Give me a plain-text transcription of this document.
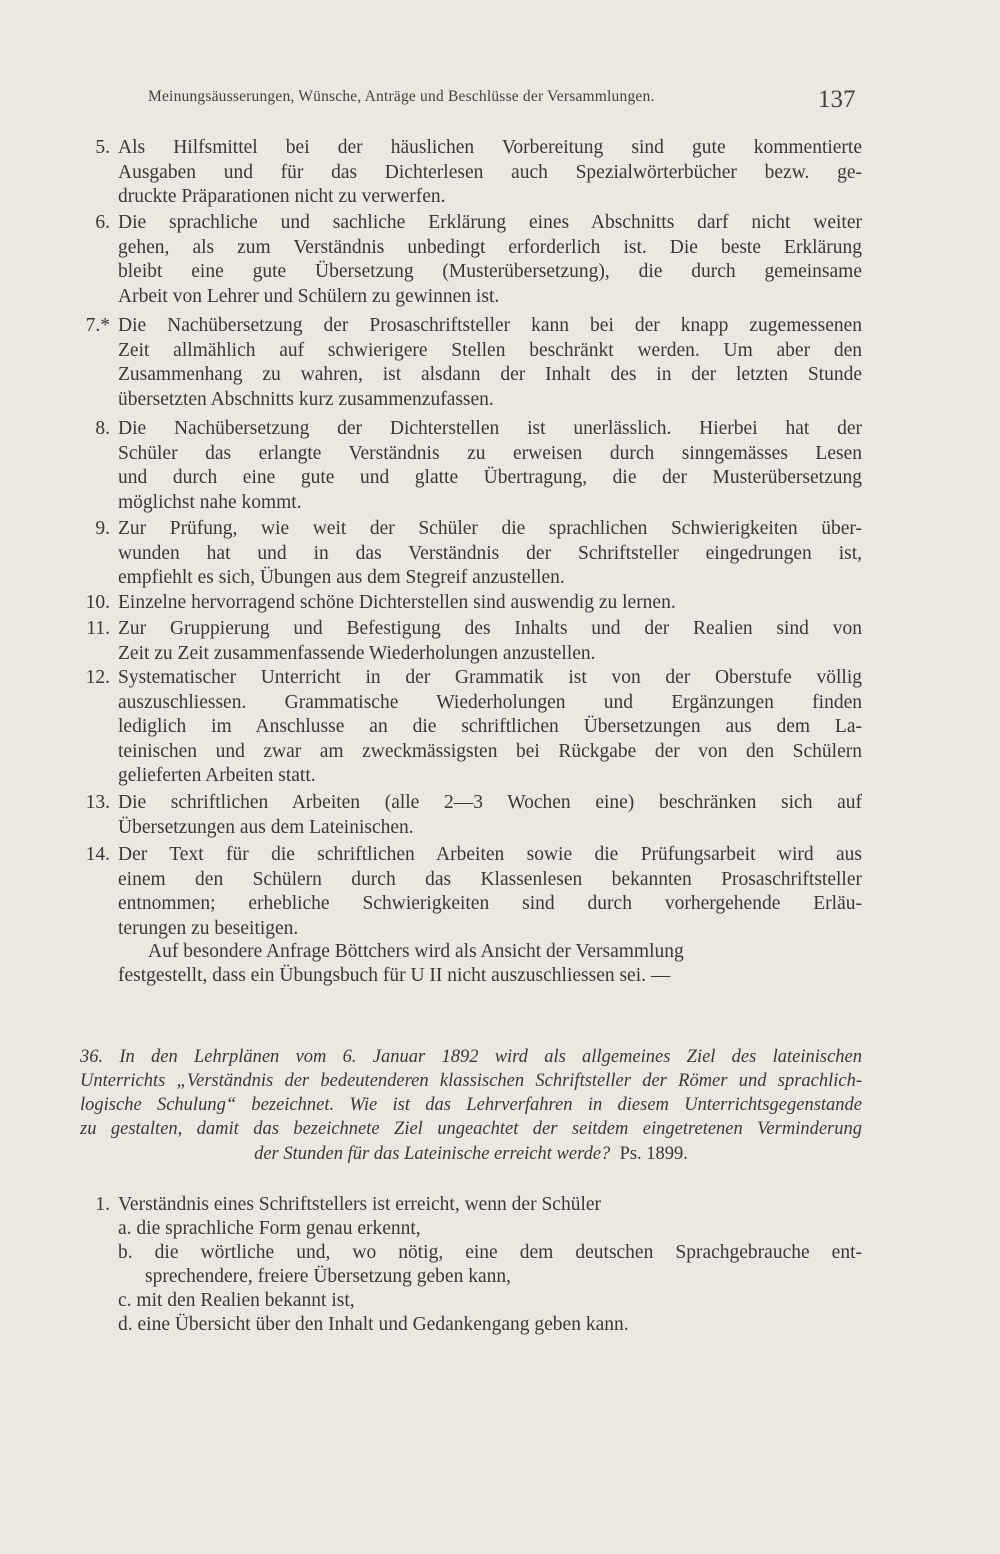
Meinungsäusserungen, Wünsche, Anträge und Beschlüsse der Versammlungen.	137
5. Als Hilfsmittel bei der häuslichen Vorbereitung sind gute kommentierte
Ausgaben und für das Dichterlesen auch Spezialwörterbücher bezw. ge-
druckte Präparationen nicht zu verwerfen.
6. Die sprachliche und sachliche Erklärung eines Abschnitts darf nicht weiter
gehen, als zum Verständnis unbedingt erforderlich ist. Die beste Erklärung
bleibt eine gute Übersetzung (Musterübersetzung), die durch gemeinsame
Arbeit von Lehrer und Schülern zu gewinnen ist.
7.* Die Nachübersetzung der Prosaschriftsteller kann bei der knapp zugemessenen
Zeit allmählich auf schwierigere Stellen beschränkt werden. Um aber den
Zusammenhang zu wahren, ist alsdann der Inhalt des in der letzten Stunde
übersetzten Abschnitts kurz zusammenzufassen.
8. Die Nachübersetzung der Dichterstellen ist unerlässlich. Hierbei hat der
Schüler das erlangte Verständnis zu erweisen durch sinngemässes Lesen
und durch eine gute und glatte Übertragung, die der Musterübersetzung
möglichst nahe kommt.
9. Zur Prüfung, wie weit der Schüler die sprachlichen Schwierigkeiten über-
wunden hat und in das Verständnis der Schriftsteller eingedrungen ist,
empfiehlt es sich, Übungen aus dem Stegreif anzustellen.
10. Einzelne hervorragend schöne Dichterstellen sind auswendig zu lernen.
11. Zur Gruppierung und Befestigung des Inhalts und der Realien sind von
Zeit zu Zeit zusammenfassende Wiederholungen anzustellen.
12. Systematischer Unterricht in der Grammatik ist von der Oberstufe völlig
auszuschliessen. Grammatische Wiederholungen und Ergänzungen finden
lediglich im Anschlusse an die schriftlichen Übersetzungen aus dem La-
teinischen und zwar am zweckmässigsten bei Rückgabe der von den Schülern
gelieferten Arbeiten statt.
13. Die schriftlichen Arbeiten (alle 2—3 Wochen eine) beschränken sich auf
Übersetzungen aus dem Lateinischen.
14. Der Text für die schriftlichen Arbeiten sowie die Prüfungsarbeit wird aus
einem den Schülern durch das Klassenlesen bekannten Prosaschriftsteller
entnommen; erhebliche Schwierigkeiten sind durch vorhergehende Erläu-
terungen zu beseitigen.
Auf besondere Anfrage Böttchers wird als Ansicht der Versammlung
festgestellt, dass ein Übungsbuch für U II nicht auszuschliessen sei. —
36. In den Lehrplänen vom 6. Januar 1892 wird als allgemeines Ziel des lateinischen
Unterrichts „Verständnis der bedeutenderen klassischen Schriftsteller der Römer und sprachlich-
logische Schulung“ bezeichnet. Wie ist das Lehrverfahren in diesem Unterrichtsgegenstande
zu gestalten, damit das bezeichnete Ziel ungeachtet der seitdem eingetretenen Verminderung
der Stunden für das Lateinische erreicht werde? Ps. 1899.
1. Verständnis eines Schriftstellers ist erreicht, wenn der Schüler
a. die sprachliche Form genau erkennt,
b. die wörtliche und, wo nötig, eine dem deutschen Sprachgebrauche ent-
sprechendere, freiere Übersetzung geben kann,
c. mit den Realien bekannt ist,
d. eine Übersicht über den Inhalt und Gedankengang geben kann.
